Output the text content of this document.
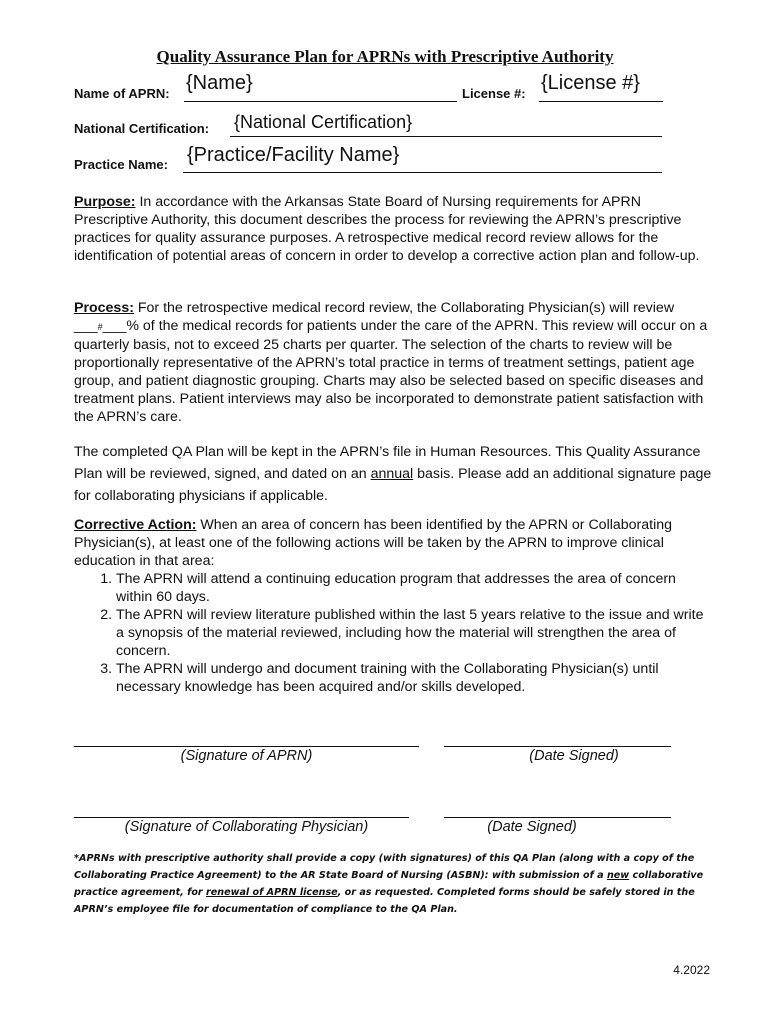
Quality Assurance Plan for APRNs with Prescriptive Authority
Name of APRN: {Name}	License #: {License #}
National Certification: {National Certification}
Practice Name: {Practice/Facility Name}
Purpose: In accordance with the Arkansas State Board of Nursing requirements for APRN Prescriptive Authority, this document describes the process for reviewing the APRN’s prescriptive practices for quality assurance purposes. A retrospective medical record review allows for the identification of potential areas of concern in order to develop a corrective action plan and follow-up.
Process: For the retrospective medical record review, the Collaborating Physician(s) will review ___#___% of the medical records for patients under the care of the APRN. This review will occur on a quarterly basis, not to exceed 25 charts per quarter. The selection of the charts to review will be proportionally representative of the APRN’s total practice in terms of treatment settings, patient age group, and patient diagnostic grouping. Charts may also be selected based on specific diseases and treatment plans. Patient interviews may also be incorporated to demonstrate patient satisfaction with the APRN’s care.
The completed QA Plan will be kept in the APRN’s file in Human Resources. This Quality Assurance Plan will be reviewed, signed, and dated on an annual basis. Please add an additional signature page for collaborating physicians if applicable.
Corrective Action: When an area of concern has been identified by the APRN or Collaborating Physician(s), at least one of the following actions will be taken by the APRN to improve clinical education in that area:
1. The APRN will attend a continuing education program that addresses the area of concern within 60 days.
2. The APRN will review literature published within the last 5 years relative to the issue and write a synopsis of the material reviewed, including how the material will strengthen the area of concern.
3. The APRN will undergo and document training with the Collaborating Physician(s) until necessary knowledge has been acquired and/or skills developed.
(Signature of APRN)	(Date Signed)
(Signature of Collaborating Physician)	(Date Signed)
*APRNs with prescriptive authority shall provide a copy (with signatures) of this QA Plan (along with a copy of the Collaborating Practice Agreement) to the AR State Board of Nursing (ASBN): with submission of a new collaborative practice agreement, for renewal of APRN license, or as requested. Completed forms should be safely stored in the APRN’s employee file for documentation of compliance to the QA Plan.
4.2022
